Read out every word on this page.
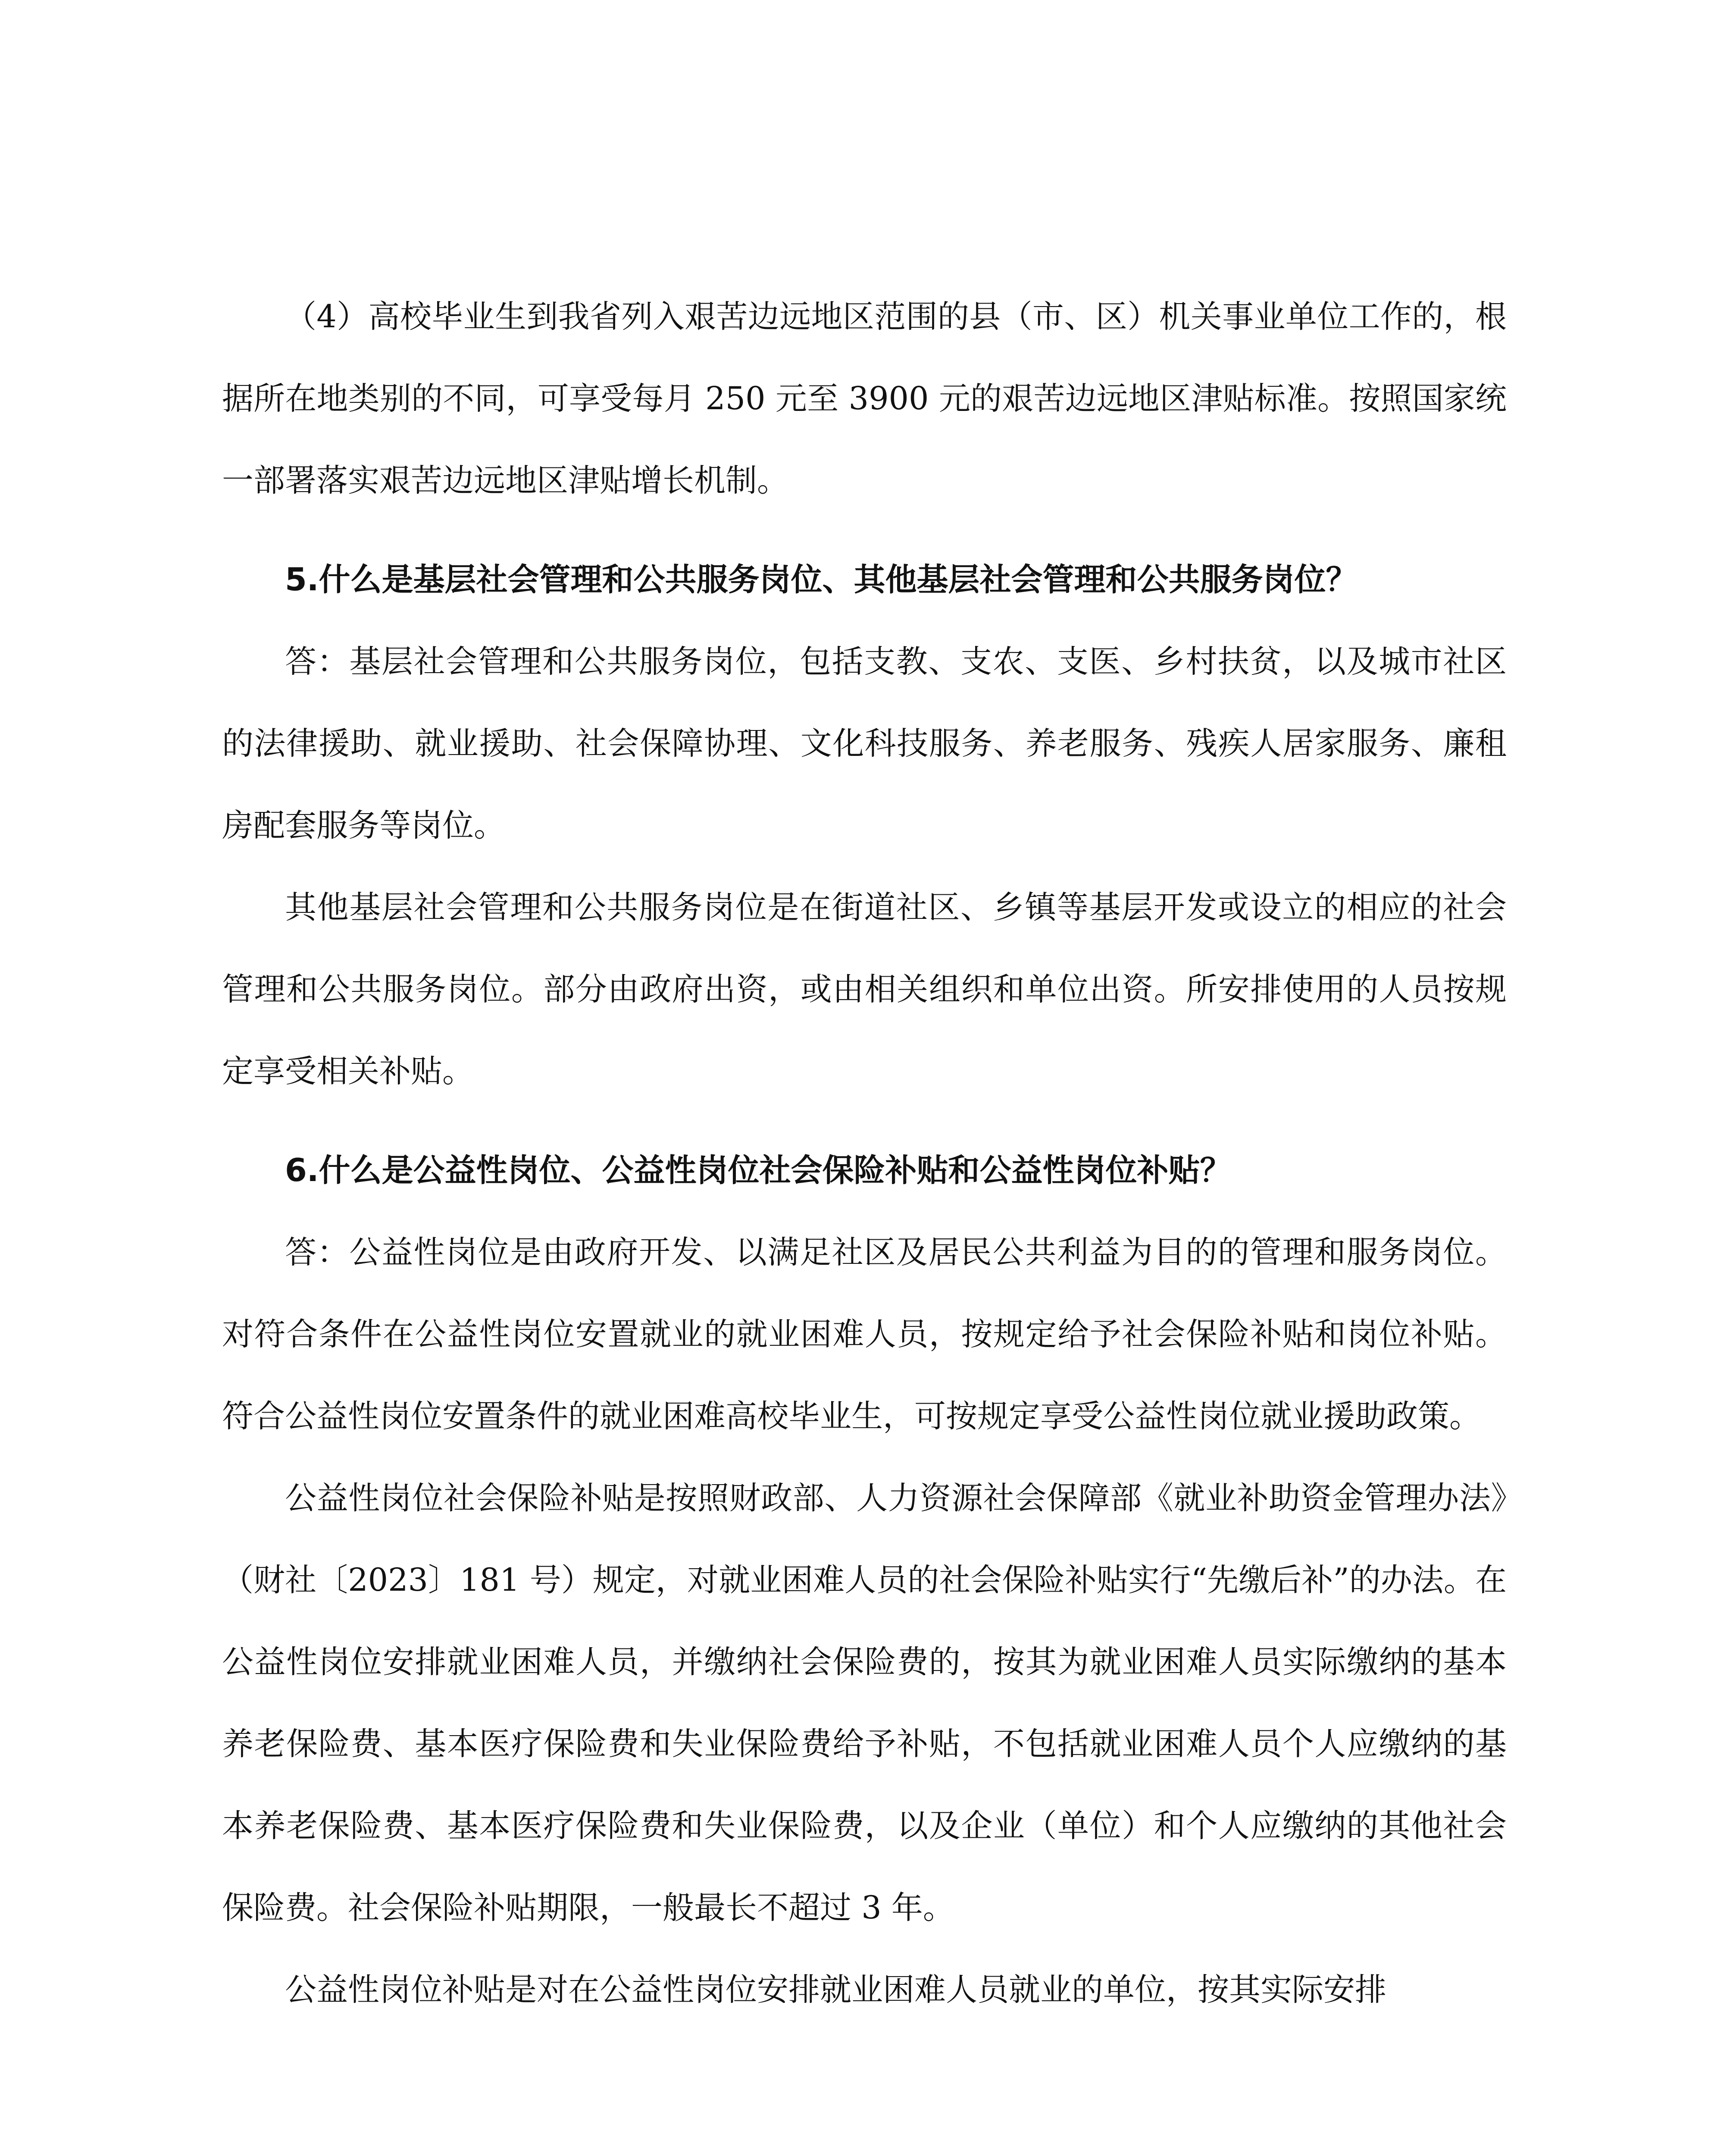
（4）高校毕业生到我省列入艰苦边远地区范围的县（市、区）机关事业单位工作的，根据所在地类别的不同，可享受每月 250 元至 3900 元的艰苦边远地区津贴标准。按照国家统一部署落实艰苦边远地区津贴增长机制。

5.什么是基层社会管理和公共服务岗位、其他基层社会管理和公共服务岗位？

答：基层社会管理和公共服务岗位，包括支教、支农、支医、乡村扶贫，以及城市社区的法律援助、就业援助、社会保障协理、文化科技服务、养老服务、残疾人居家服务、廉租房配套服务等岗位。

其他基层社会管理和公共服务岗位是在街道社区、乡镇等基层开发或设立的相应的社会管理和公共服务岗位。部分由政府出资，或由相关组织和单位出资。所安排使用的人员按规定享受相关补贴。

6.什么是公益性岗位、公益性岗位社会保险补贴和公益性岗位补贴？

答：公益性岗位是由政府开发、以满足社区及居民公共利益为目的的管理和服务岗位。对符合条件在公益性岗位安置就业的就业困难人员，按规定给予社会保险补贴和岗位补贴。符合公益性岗位安置条件的就业困难高校毕业生，可按规定享受公益性岗位就业援助政策。

公益性岗位社会保险补贴是按照财政部、人力资源社会保障部《就业补助资金管理办法》（财社〔2023〕181 号）规定，对就业困难人员的社会保险补贴实行“先缴后补”的办法。在公益性岗位安排就业困难人员，并缴纳社会保险费的，按其为就业困难人员实际缴纳的基本养老保险费、基本医疗保险费和失业保险费给予补贴，不包括就业困难人员个人应缴纳的基本养老保险费、基本医疗保险费和失业保险费，以及企业（单位）和个人应缴纳的其他社会保险费。社会保险补贴期限，一般最长不超过 3 年。

公益性岗位补贴是对在公益性岗位安排就业困难人员就业的单位，按其实际安排
